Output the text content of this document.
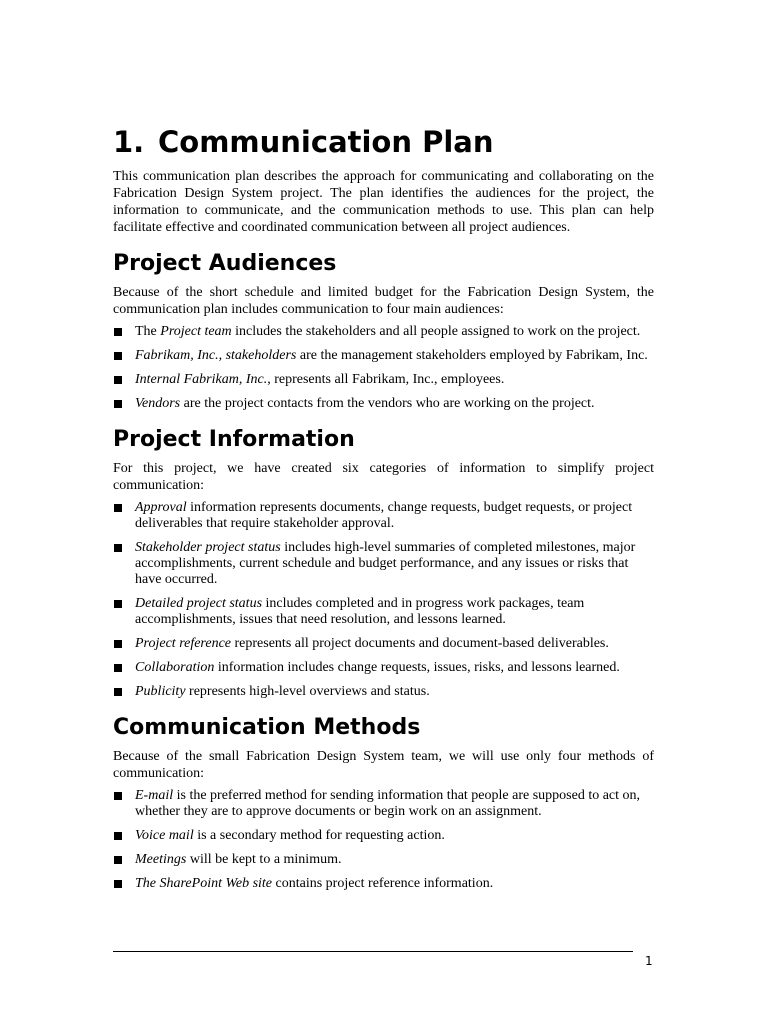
1. Communication Plan

This communication plan describes the approach for communicating and collaborating on the Fabrication Design System project. The plan identifies the audiences for the project, the information to communicate, and the communication methods to use. This plan can help facilitate effective and coordinated communication between all project audiences.

Project Audiences

Because of the short schedule and limited budget for the Fabrication Design System, the communication plan includes communication to four main audiences:

The Project team includes the stakeholders and all people assigned to work on the project.
Fabrikam, Inc., stakeholders are the management stakeholders employed by Fabrikam, Inc.
Internal Fabrikam, Inc., represents all Fabrikam, Inc., employees.
Vendors are the project contacts from the vendors who are working on the project.
Project Information

For this project, we have created six categories of information to simplify project communication:

Approval information represents documents, change requests, budget requests, or project deliverables that require stakeholder approval.
Stakeholder project status includes high-level summaries of completed milestones, major accomplishments, current schedule and budget performance, and any issues or risks that have occurred.
Detailed project status includes completed and in progress work packages, team accomplishments, issues that need resolution, and lessons learned.
Project reference represents all project documents and document-based deliverables.
Collaboration information includes change requests, issues, risks, and lessons learned.
Publicity represents high-level overviews and status.
Communication Methods

Because of the small Fabrication Design System team, we will use only four methods of communication:

E-mail is the preferred method for sending information that people are supposed to act on, whether they are to approve documents or begin work on an assignment.
Voice mail is a secondary method for requesting action.
Meetings will be kept to a minimum.
The SharePoint Web site contains project reference information.
1
